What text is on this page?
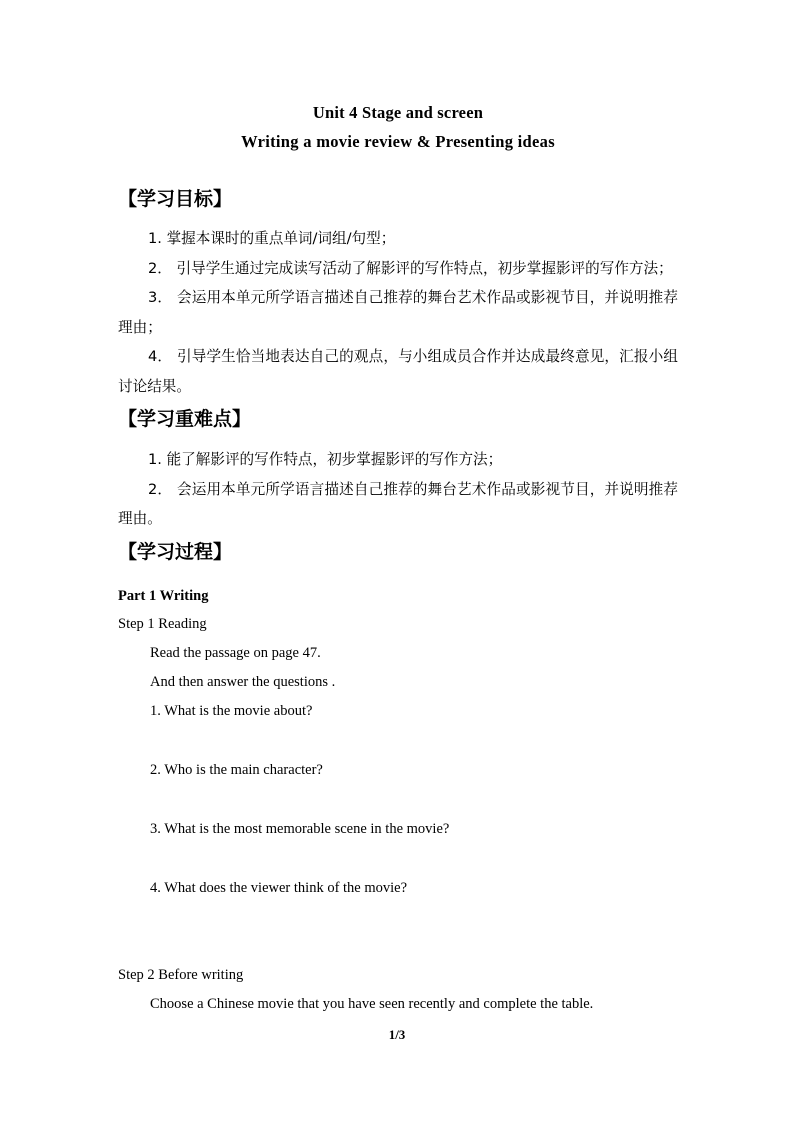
Unit 4 Stage and screen
Writing a movie review & Presenting ideas
【学习目标】

1. 掌握本课时的重点单词/词组/句型；

2． 引导学生通过完成读写活动了解影评的写作特点，初步掌握影评的写作方法；

3． 会运用本单元所学语言描述自己推荐的舞台艺术作品或影视节目，并说明推荐理由；

4． 引导学生恰当地表达自己的观点，与小组成员合作并达成最终意见，汇报小组讨论结果。

【学习重难点】

1. 能了解影评的写作特点，初步掌握影评的写作方法；

2． 会运用本单元所学语言描述自己推荐的舞台艺术作品或影视节目，并说明推荐理由。

【学习过程】
Part 1 Writing
Step 1 Reading
Read the passage on page 47.
And then answer the questions .
1. What is the movie about?
2. Who is the main character?
3. What is the most memorable scene in the movie?
4. What does the viewer think of the movie?
Step 2 Before writing
Choose a Chinese movie that you have seen recently and complete the table.
1/3
